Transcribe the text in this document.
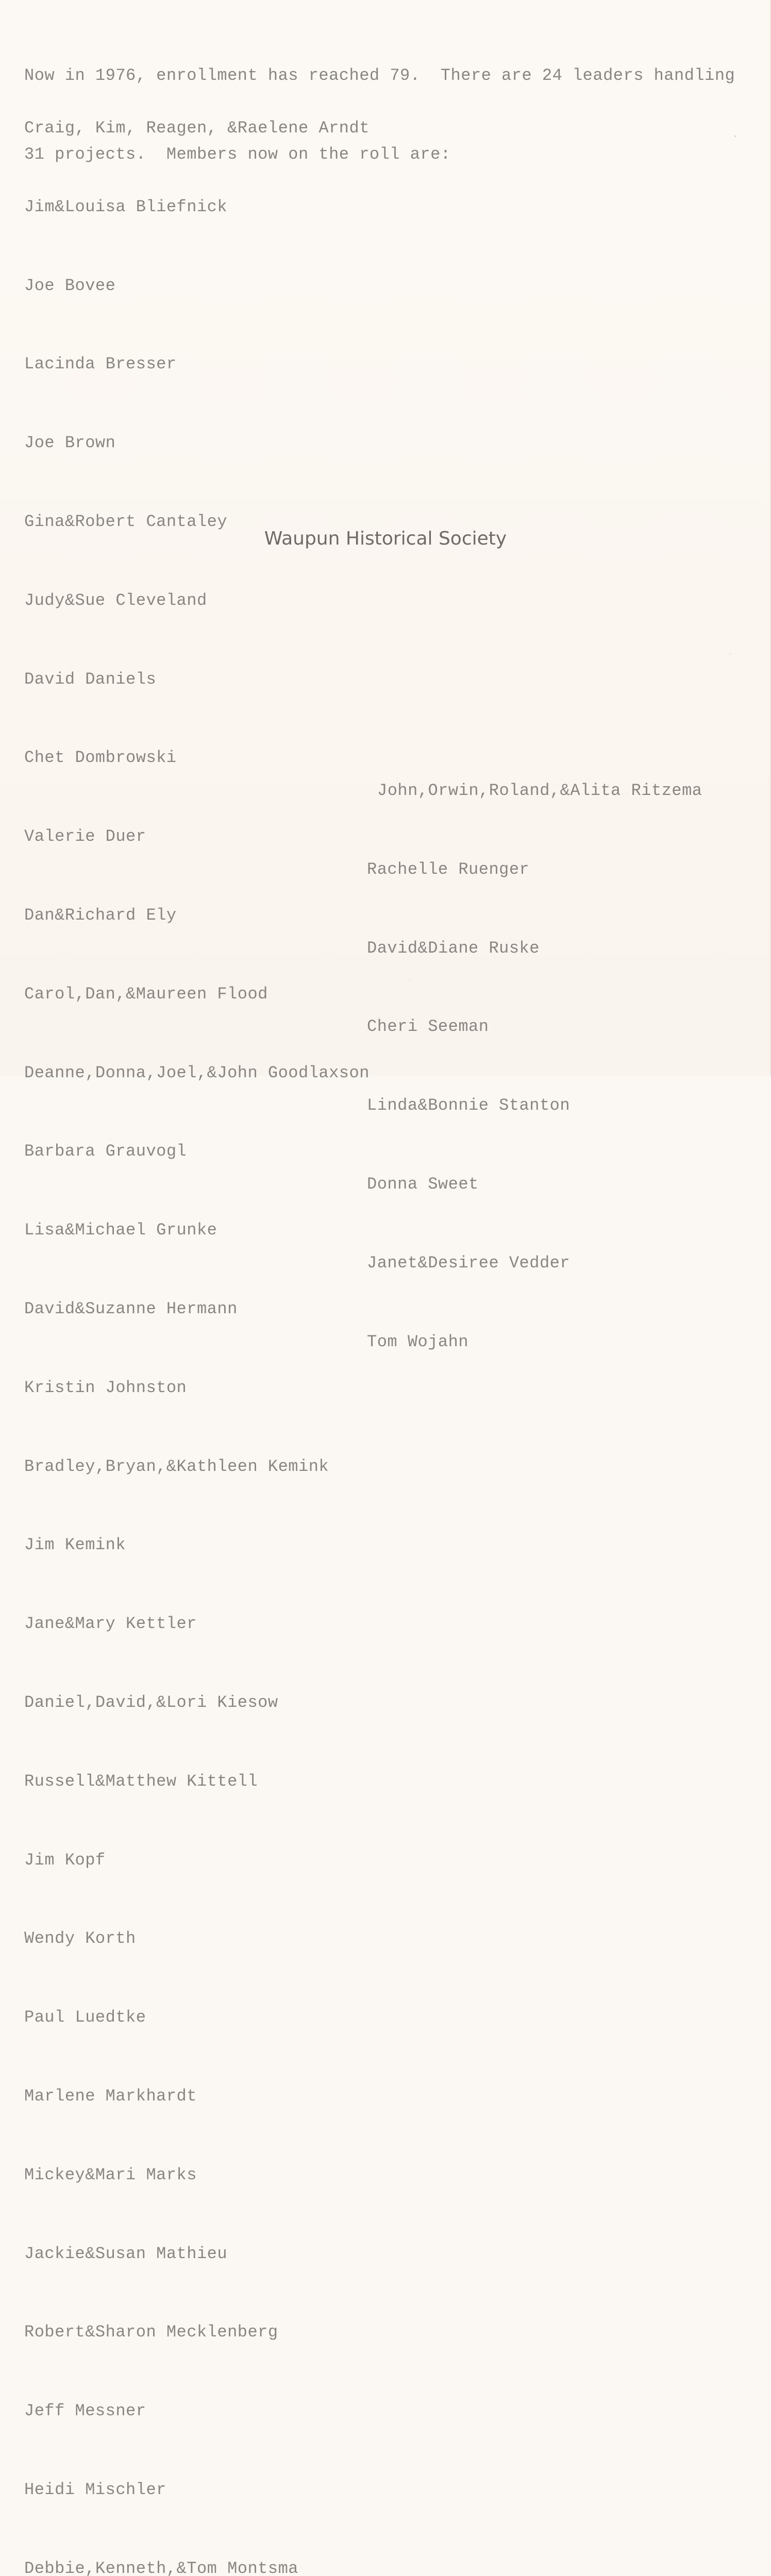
Now in 1976, enrollment has reached 79.  There are 24 leaders handling

31 projects.  Members now on the roll are:

Craig, Kim, Reagen, &Raelene Arndt

Jim&Louisa Bliefnick

Joe Bovee

Lacinda Bresser

Joe Brown

Gina&Robert Cantaley

Judy&Sue Cleveland

David Daniels

Chet Dombrowski

Valerie Duer

Dan&Richard Ely

Carol,Dan,&Maureen Flood

Deanne,Donna,Joel,&John Goodlaxson

Barbara Grauvogl

Lisa&Michael Grunke

David&Suzanne Hermann

Kristin Johnston

Bradley,Bryan,&Kathleen Kemink

Jim Kemink

Jane&Mary Kettler

Daniel,David,&Lori Kiesow

Russell&Matthew Kittell

Jim Kopf

Wendy Korth

Paul Luedtke

Marlene Markhardt

Mickey&Mari Marks

Jackie&Susan Mathieu

Robert&Sharon Mecklenberg

Jeff Messner

Heidi Mischler

Debbie,Kenneth,&Tom Montsma

John,Orwin,Roland,&Alita Ritzema

Rachelle Ruenger

David&Diane Ruske

Cheri Seeman

Linda&Bonnie Stanton

Donna Sweet

Janet&Desiree Vedder

Tom Wojahn

Waupun Historical Society
